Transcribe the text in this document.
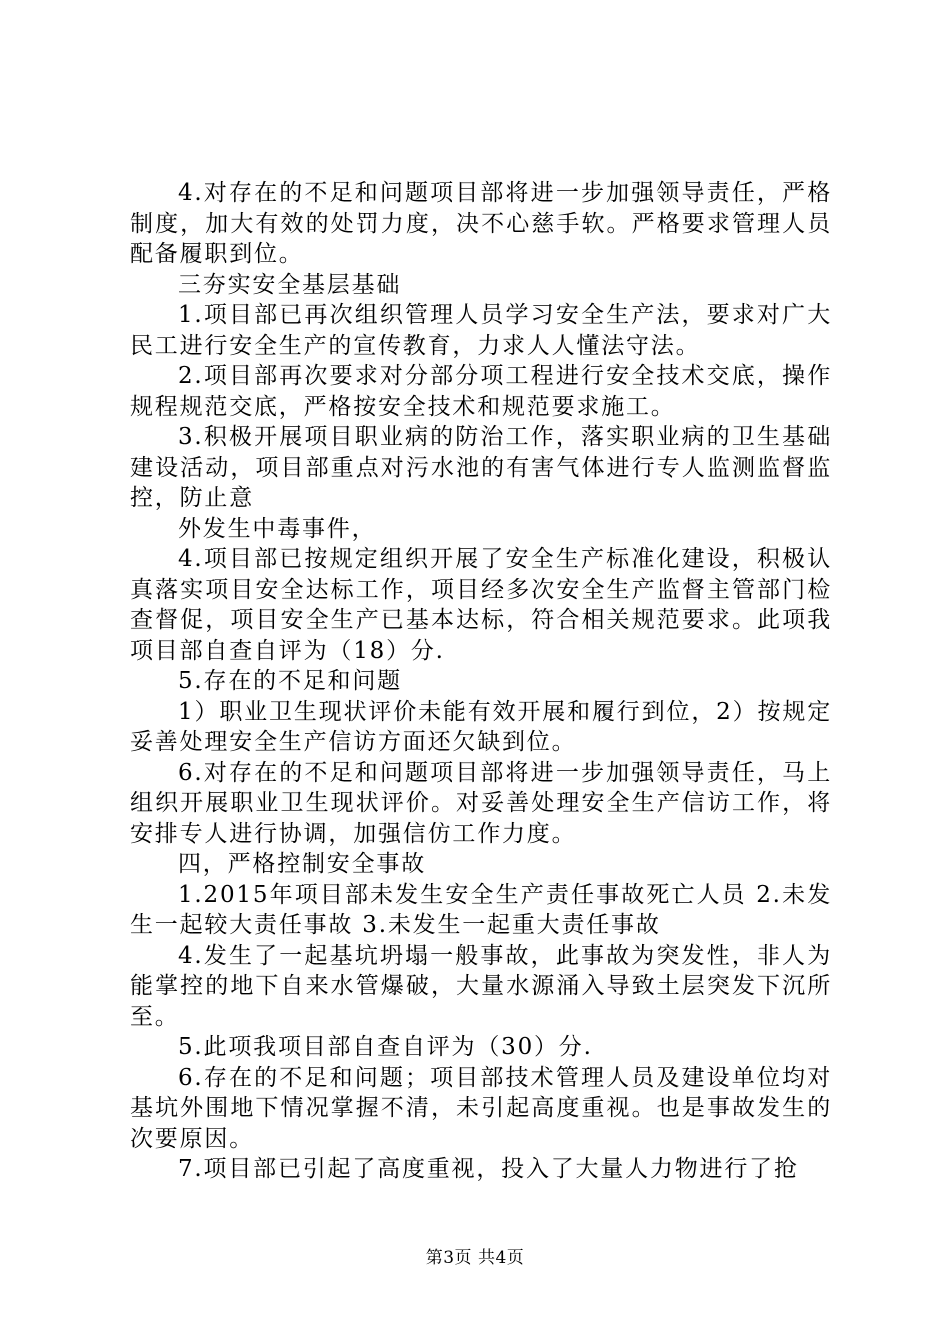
4.对存在的不足和问题项目部将进一步加强领导责任，严格制度，加大有效的处罚力度，决不心慈手软。严格要求管理人员配备履职到位。

三夯实安全基层基础

1.项目部已再次组织管理人员学习安全生产法，要求对广大民工进行安全生产的宣传教育，力求人人懂法守法。

2.项目部再次要求对分部分项工程进行安全技术交底，操作规程规范交底，严格按安全技术和规范要求施工。

3.积极开展项目职业病的防治工作，落实职业病的卫生基础建设活动，项目部重点对污水池的有害气体进行专人监测监督监控，防止意

外发生中毒事件，

4.项目部已按规定组织开展了安全生产标准化建设，积极认真落实项目安全达标工作，项目经多次安全生产监督主管部门检查督促，项目安全生产已基本达标，符合相关规范要求。此项我项目部自查自评为（18）分.

5.存在的不足和问题

1）职业卫生现状评价未能有效开展和履行到位，2）按规定妥善处理安全生产信访方面还欠缺到位。

6.对存在的不足和问题项目部将进一步加强领导责任，马上组织开展职业卫生现状评价。对妥善处理安全生产信访工作，将安排专人进行协调，加强信仿工作力度。

四，严格控制安全事故

1.2015年项目部未发生安全生产责任事故死亡人员 2.未发生一起较大责任事故 3.未发生一起重大责任事故

4.发生了一起基坑坍塌一般事故，此事故为突发性，非人为能掌控的地下自来水管爆破，大量水源涌入导致土层突发下沉所至。

5.此项我项目部自查自评为（30）分.

6.存在的不足和问题；项目部技术管理人员及建设单位均对基坑外围地下情况掌握不清，未引起高度重视。也是事故发生的次要原因。

7.项目部已引起了高度重视，投入了大量人力物进行了抢

第3页 共4页
